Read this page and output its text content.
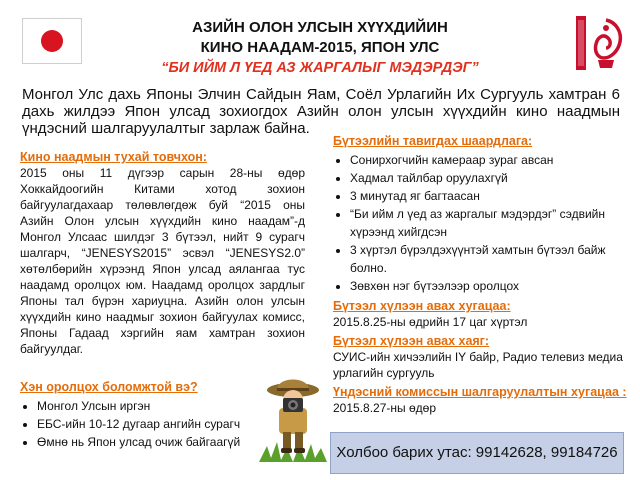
АЗИЙН ОЛОН УЛСЫН ХҮҮХДИЙИН
КИНО НААДАМ-2015, ЯПОН УЛС
“БИ ИЙМ Л ҮЕД АЗ ЖАРГАЛЫГ МЭДЭРДЭГ”
Монгол Улс дахь Японы Элчин Сайдын Яам, Соёл Урлагийн Их Сургууль хамтран 6 дахь жилдээ Япон улсад зохиогдох Азийн олон улсын хүүхдийн кино наадмын үндэсний шалгаруулалтыг зарлаж байна.
Кино наадмын тухай товчхон:
2015 оны 11 дүгээр сарын 28-ны өдөр Хоккайдоогийн Китами хотод зохион байгуулагдахаар төлөвлөгдөж буй “2015 оны Азийн Олон улсын хүүхдийн кино наадам”-д Монгол Улсаас шилдэг 3 бүтээл, нийт 9 сурагч шалгарч, “JENESYS2015” эсвэл “JENESYS2.0” хөтөлбөрийн хүрээнд Япон улсад аялангаа тус наадамд оролцох юм. Наадамд оролцох зардлыг Японы тал бүрэн хариуцна. Азийн олон улсын хүүхдийн кино наадмыг зохион байгуулах комисс, Японы Гадаад хэргийн яам хамтран зохион байгуулдаг.
Хэн оролцох боломжтой вэ?
• Монгол Улсын иргэн
• ЕБС-ийн 10-12 дугаар ангийн сурагч
• Өмнө нь Япон улсад очиж байгаагүй
Бүтээлийн тавигдах шаардлага:
• Сонирхогчийн камераар зураг авсан
• Хадмал тайлбар оруулахгүй
• 3 минутад яг багтаасан
• “Би ийм л үед аз жаргалыг мэдэрдэг” сэдвийн хүрээнд хийгдсэн
• 3 хүртэл бүрэлдэхүүнтэй хамтын бүтээл байж болно.
• Зөвхөн нэг бүтээлээр оролцох
Бүтээл хүлээн авах хугацаа:
2015.8.25-ны өдрийн 17 цаг хүртэл
Бүтээл хүлээн авах хаяг:
СУИС-ийн хичээлийн IY байр, Радио телевиз медиа урлагийн сургууль
Үндэсний комиссын шалгаруулалтын хугацаа :
2015.8.27-ны өдөр
Холбоо барих утас: 99142628, 99184726
